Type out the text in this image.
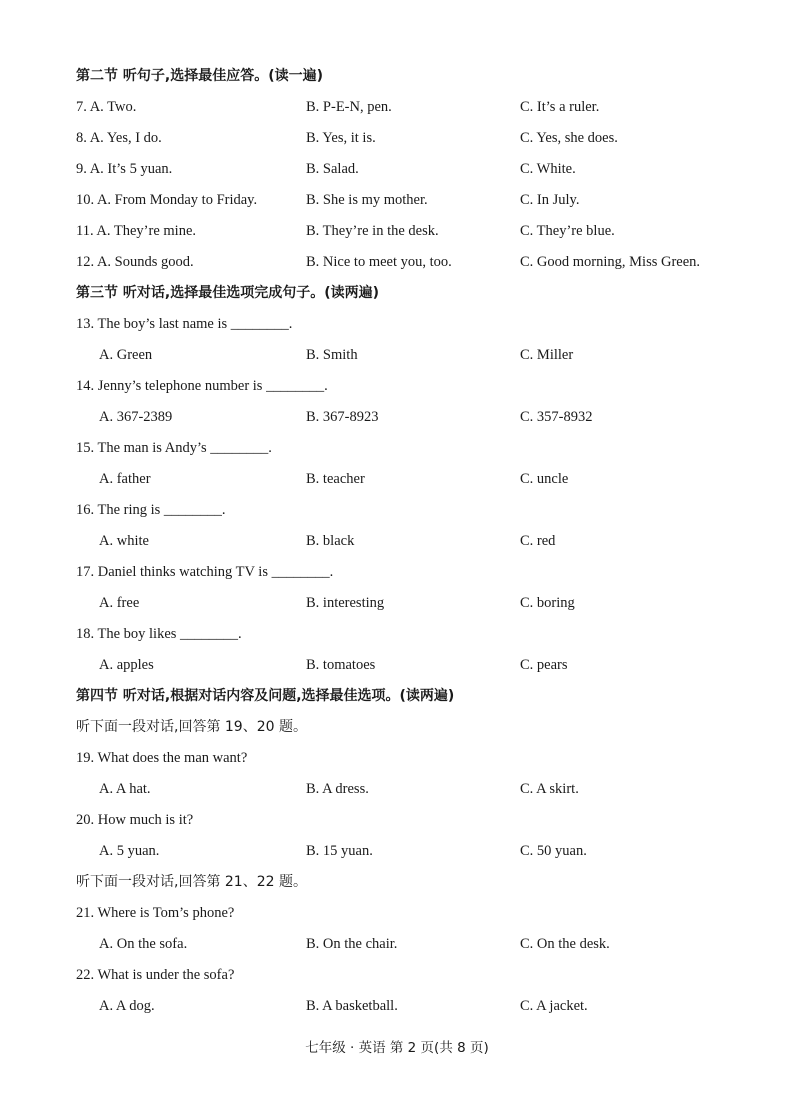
第二节 听句子,选择最佳应答。(读一遍)
7. A. Two.	B. P-E-N, pen.	C. It’s a ruler.
8. A. Yes, I do.	B. Yes, it is.	C. Yes, she does.
9. A. It’s 5 yuan.	B. Salad.	C. White.
10. A. From Monday to Friday.	B. She is my mother.	C. In July.
11. A. They’re mine.	B. They’re in the desk.	C. They’re blue.
12. A. Sounds good.	B. Nice to meet you, too.	C. Good morning, Miss Green.
第三节 听对话,选择最佳选项完成句子。(读两遍)
13. The boy’s last name is ________.
A. Green	B. Smith	C. Miller
14. Jenny’s telephone number is ________.
A. 367-2389	B. 367-8923	C. 357-8932
15. The man is Andy’s ________.
A. father	B. teacher	C. uncle
16. The ring is ________.
A. white	B. black	C. red
17. Daniel thinks watching TV is ________.
A. free	B. interesting	C. boring
18. The boy likes ________.
A. apples	B. tomatoes	C. pears
第四节 听对话,根据对话内容及问题,选择最佳选项。(读两遍)
听下面一段对话,回答第 19、20 题。
19. What does the man want?
A. A hat.	B. A dress.	C. A skirt.
20. How much is it?
A. 5 yuan.	B. 15 yuan.	C. 50 yuan.
听下面一段对话,回答第 21、22 题。
21. Where is Tom’s phone?
A. On the sofa.	B. On the chair.	C. On the desk.
22. What is under the sofa?
A. A dog.	B. A basketball.	C. A jacket.
七年级 · 英语 第 2 页(共 8 页)
